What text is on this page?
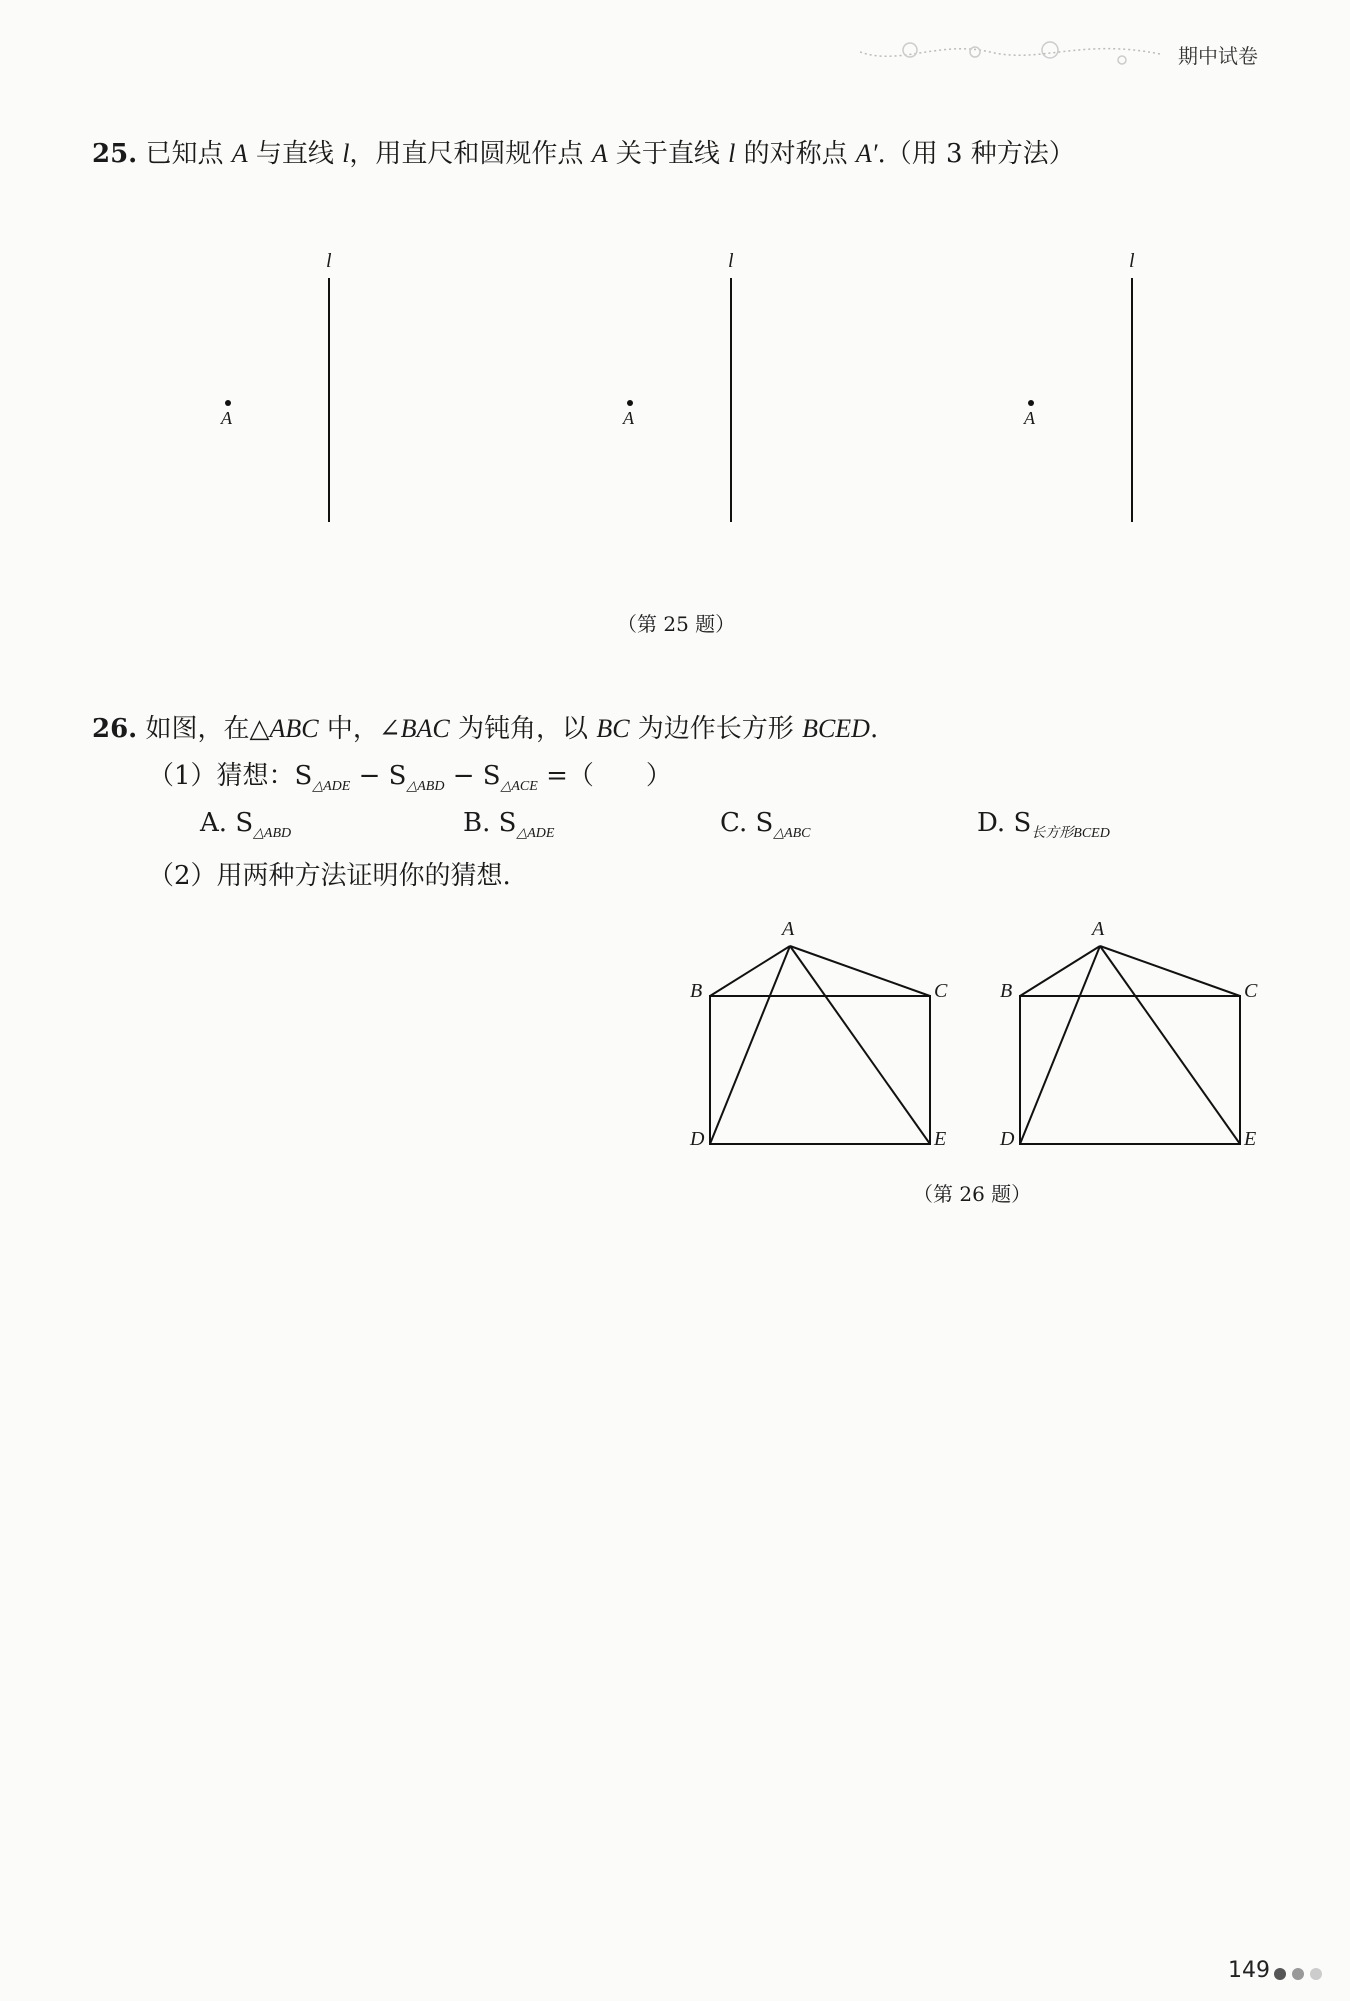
期中试卷
25. 已知点 A 与直线 l，用直尺和圆规作点 A 关于直线 l 的对称点 A′.（用 3 种方法）
l	l	l
A	A	A
（第 25 题）
26. 如图，在△ABC 中，∠BAC 为钝角，以 BC 为边作长方形 BCED.
（1）猜想：$S_{\triangle ADE} - S_{\triangle ABD} - S_{\triangle ACE}$ =（　　）
A. $S_{\triangle ABD}$	B. $S_{\triangle ADE}$	C. $S_{\triangle ABC}$	D. $S_{长方形BCED}$
（2）用两种方法证明你的猜想.
A
B	C
D	E
A
B	C
D	E
（第 26 题）
149
